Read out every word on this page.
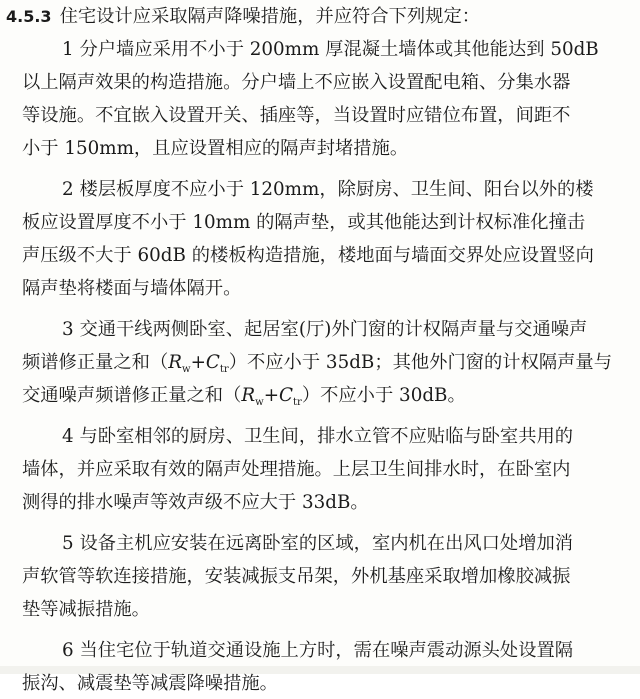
4.5.3 住宅设计应采取隔声降噪措施，并应符合下列规定：
1 分户墙应采用不小于 200mm 厚混凝土墙体或其他能达到 50dB
以上隔声效果的构造措施。分户墙上不应嵌入设置配电箱、分集水器
等设施。不宜嵌入设置开关、插座等，当设置时应错位布置，间距不
小于 150mm，且应设置相应的隔声封堵措施。
2 楼层板厚度不应小于 120mm，除厨房、卫生间、阳台以外的楼
板应设置厚度不小于 10mm 的隔声垫，或其他能达到计权标准化撞击
声压级不大于 60dB 的楼板构造措施，楼地面与墙面交界处应设置竖向
隔声垫将楼面与墙体隔开。
3 交通干线两侧卧室、起居室(厅)外门窗的计权隔声量与交通噪声
频谱修正量之和$(R_w+C_{tr})$不应小于 35dB；其他外门窗的计权隔声量与
交通噪声频谱修正量之和$(R_w+C_{tr})$不应小于 30dB。
4 与卧室相邻的厨房、卫生间，排水立管不应贴临与卧室共用的
墙体，并应采取有效的隔声处理措施。上层卫生间排水时，在卧室内
测得的排水噪声等效声级不应大于 33dB。
5 设备主机应安装在远离卧室的区域，室内机在出风口处增加消
声软管等软连接措施，安装减振支吊架，外机基座采取增加橡胶减振
垫等减振措施。
6 当住宅位于轨道交通设施上方时，需在噪声震动源头处设置隔
振沟、减震垫等减震降噪措施。
